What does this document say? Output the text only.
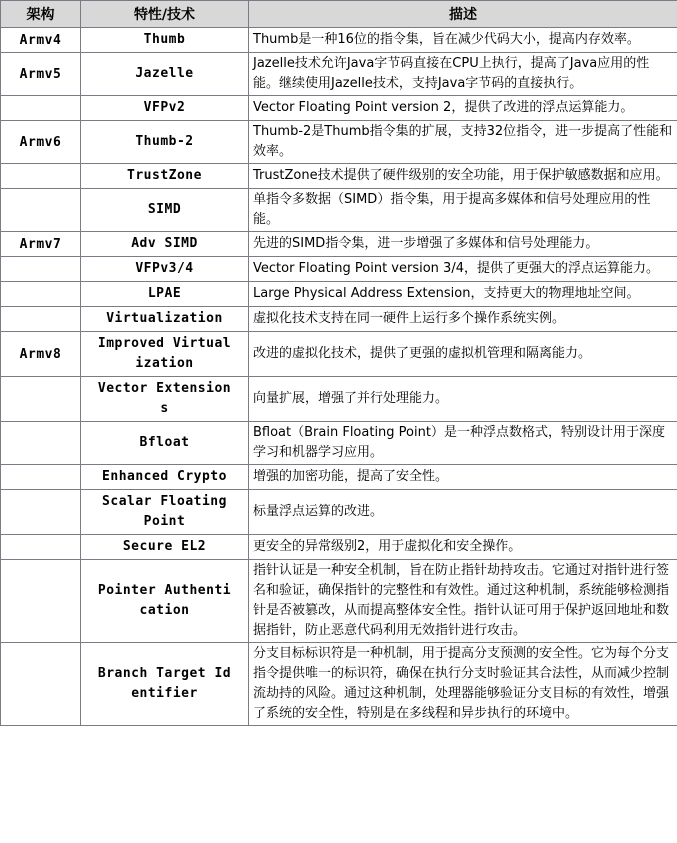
架构	特性/技术	描述
Armv4	Thumb	Thumb是一种16位的指令集，旨在减少代码大小，提高内存效率。
Armv5	Jazelle	Jazelle技术允许Java字节码直接在CPU上执行，提高了Java应用的性能。继续使用Jazelle技术，支持Java字节码的直接执行。
	VFPv2	Vector Floating Point version 2，提供了改进的浮点运算能力。
Armv6	Thumb-2	Thumb-2是Thumb指令集的扩展，支持32位指令，进一步提高了性能和效率。
	TrustZone	TrustZone技术提供了硬件级别的安全功能，用于保护敏感数据和应用。
	SIMD	单指令多数据（SIMD）指令集，用于提高多媒体和信号处理应用的性能。
Armv7	Adv SIMD	先进的SIMD指令集，进一步增强了多媒体和信号处理能力。
	VFPv3/4	Vector Floating Point version 3/4，提供了更强大的浮点运算能力。
	LPAE	Large Physical Address Extension，支持更大的物理地址空间。
	Virtualization	虚拟化技术支持在同一硬件上运行多个操作系统实例。
Armv8	Improved Virtualization	改进的虚拟化技术，提供了更强的虚拟机管理和隔离能力。
	Vector Extensions	向量扩展，增强了并行处理能力。
	Bfloat	Bfloat（Brain Floating Point）是一种浮点数格式，特别设计用于深度学习和机器学习应用。
	Enhanced Crypto	增强的加密功能，提高了安全性。
	Scalar Floating Point	标量浮点运算的改进。
	Secure EL2	更安全的异常级别2，用于虚拟化和安全操作。
	Pointer Authentication	指针认证是一种安全机制，旨在防止指针劫持攻击。它通过对指针进行签名和验证，确保指针的完整性和有效性。通过这种机制，系统能够检测指针是否被篡改，从而提高整体安全性。指针认证可用于保护返回地址和数据指针，防止恶意代码利用无效指针进行攻击。
	Branch Target Identifier	分支目标标识符是一种机制，用于提高分支预测的安全性。它为每个分支指令提供唯一的标识符，确保在执行分支时验证其合法性，从而减少控制流劫持的风险。通过这种机制，处理器能够验证分支目标的有效性，增强了系统的安全性，特别是在多线程和异步执行的环境中。
